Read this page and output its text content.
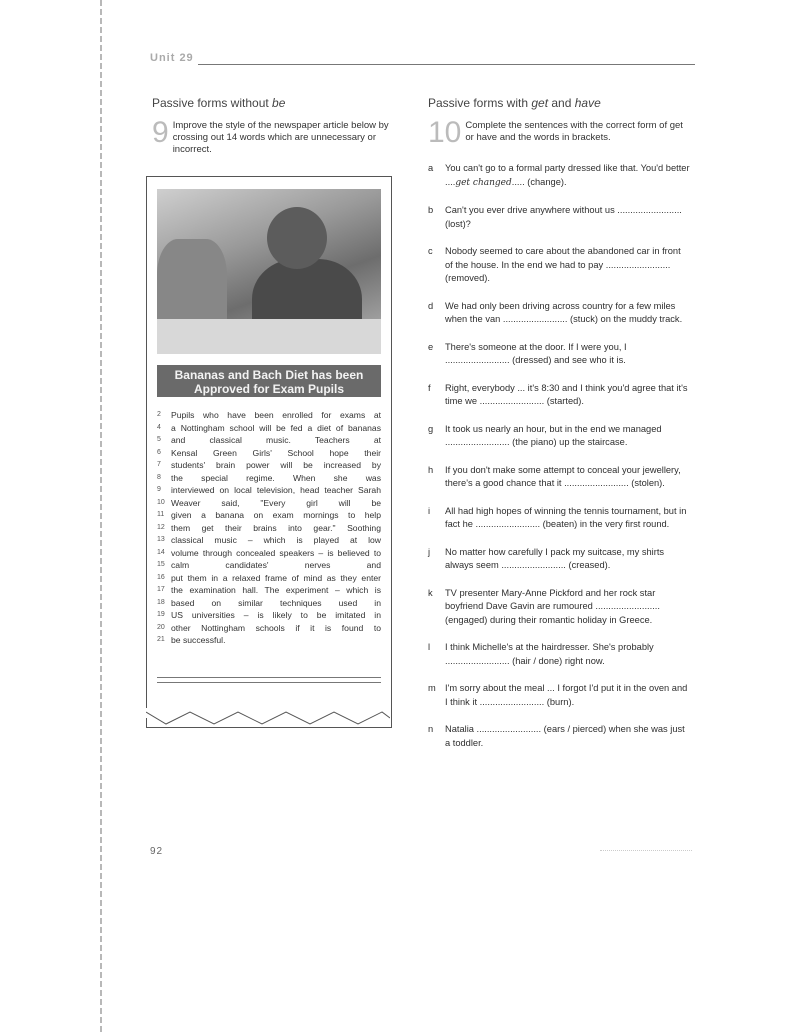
Unit 29
Passive forms without be
9 Improve the style of the newspaper article below by crossing out 14 words which are unnecessary or incorrect.
Bananas and Bach Diet has been
Approved for Exam Pupils
2	Pupils who have been enrolled for exams at
4	a Nottingham school will be fed a diet of bananas
5	and classical music. Teachers at
6	Kensal Green Girls' School hope their
7	students' brain power will be increased by
8	the special regime. When she was
9	interviewed on local television, head teacher Sarah
10 Weaver said, "Every girl will be
11 given a banana on exam mornings to help
12 them get their brains into gear." Soothing
13 classical music – which is played at low
14 volume through concealed speakers – is believed to
15 calm candidates' nerves and
16 put them in a relaxed frame of mind as they enter
17 the examination hall. The experiment – which is
18 based on similar techniques used in
19 US universities – is likely to be imitated in
20 other Nottingham schools if it is found to
21 be successful.
Passive forms with get and have
10 Complete the sentences with the correct form of get or have and the words in brackets.
a You can't go to a formal party dressed like that. You'd better ....get changed..... (change).
b Can't you ever drive anywhere without us ......................... (lost)?
c Nobody seemed to care about the abandoned car in front of the house. In the end we had to pay ......................... (removed).
d We had only been driving across country for a few miles when the van ......................... (stuck) on the muddy track.
e There's someone at the door. If I were you, I ......................... (dressed) and see who it is.
f Right, everybody ... it's 8:30 and I think you'd agree that it's time we ......................... (started).
g It took us nearly an hour, but in the end we managed ......................... (the piano) up the staircase.
h If you don't make some attempt to conceal your jewellery, there's a good chance that it ......................... (stolen).
i All had high hopes of winning the tennis tournament, but in fact he ......................... (beaten) in the very first round.
j No matter how carefully I pack my suitcase, my shirts always seem ......................... (creased).
k TV presenter Mary-Anne Pickford and her rock star boyfriend Dave Gavin are rumoured ......................... (engaged) during their romantic holiday in Greece.
l I think Michelle's at the hairdresser. She's probably ......................... (hair / done) right now.
m I'm sorry about the meal ... I forgot I'd put it in the oven and I think it ......................... (burn).
n Natalia ......................... (ears / pierced) when she was just a toddler.
92
